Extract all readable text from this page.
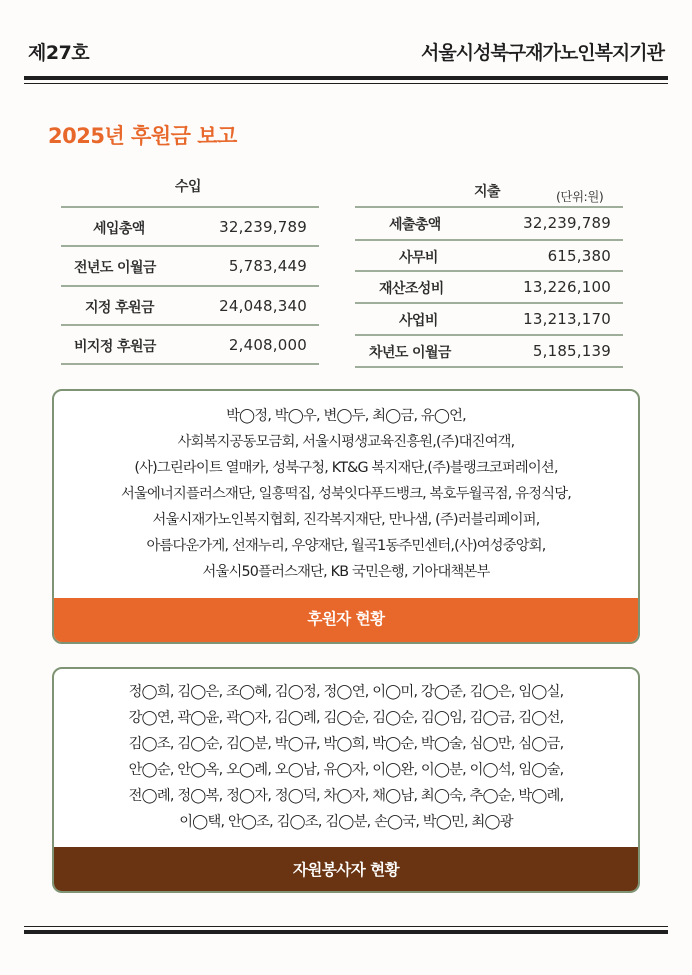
제27호	서울시성북구재가노인복지기관
2025년 후원금 보고
수입
세입총액	32,239,789
전년도 이월금	5,783,449
지정 후원금	24,048,340
비지정 후원금	2,408,000
지출	(단위:원)
세출총액	32,239,789
사무비	615,380
재산조성비	13,226,100
사업비	13,213,170
차년도 이월금	5,185,139
박◯정, 박◯우, 변◯두, 최◯금, 유◯언,
사회복지공동모금회, 서울시평생교육진흥원,(주)대진여객,
(사)그린라이트 열매카, 성북구청, KT&G 복지재단,(주)블랭크코퍼레이션,
서울에너지플러스재단, 일흥떡집, 성북잇다푸드뱅크, 복호두월곡점, 유정식당,
서울시재가노인복지협회, 진각복지재단, 만나샘, (주)러블리페이퍼,
아름다운가게, 선재누리, 우양재단, 월곡1동주민센터,(사)여성중앙회,
서울시50플러스재단, KB 국민은행, 기아대책본부
후원자 현황
정◯희, 김◯은, 조◯혜, 김◯정, 정◯연, 이◯미, 강◯준, 김◯은, 임◯실,
강◯연, 곽◯윤, 곽◯자, 김◯례, 김◯순, 김◯순, 김◯임, 김◯금, 김◯선,
김◯조, 김◯순, 김◯분, 박◯규, 박◯희, 박◯순, 박◯술, 심◯만, 심◯금,
안◯순, 안◯옥, 오◯례, 오◯남, 유◯자, 이◯완, 이◯분, 이◯석, 임◯술,
전◯례, 정◯복, 정◯자, 정◯덕, 차◯자, 채◯남, 최◯숙, 추◯순, 박◯례,
이◯택, 안◯조, 김◯조, 김◯분, 손◯국, 박◯민, 최◯광
자원봉사자 현황
